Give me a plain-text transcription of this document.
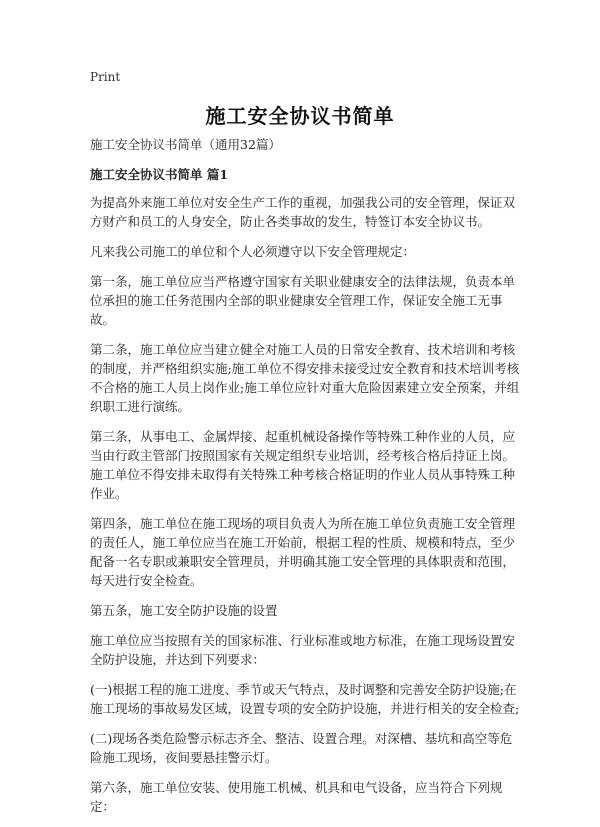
Print
施工安全协议书简单

施工安全协议书简单（通用32篇）

施工安全协议书简单 篇1

为提高外来施工单位对安全生产工作的重视，加强我公司的安全管理，保证双方财产和员工的人身安全，防止各类事故的发生，特签订本安全协议书。

凡来我公司施工的单位和个人必须遵守以下安全管理规定：

第一条，施工单位应当严格遵守国家有关职业健康安全的法律法规，负责本单位承担的施工任务范围内全部的职业健康安全管理工作，保证安全施工无事故。

第二条，施工单位应当建立健全对施工人员的日常安全教育、技术培训和考核的制度，并严格组织实施;施工单位不得安排未接受过安全教育和技术培训考核不合格的施工人员上岗作业;施工单位应针对重大危险因素建立安全预案，并组织职工进行演练。

第三条，从事电工、金属焊接、起重机械设备操作等特殊工种作业的人员，应当由行政主管部门按照国家有关规定组织专业培训，经考核合格后持证上岗。施工单位不得安排未取得有关特殊工种考核合格证明的作业人员从事特殊工种作业。

第四条，施工单位在施工现场的项目负责人为所在施工单位负责施工安全管理的责任人，施工单位应当在施工开始前，根据工程的性质、规模和特点，至少配备一名专职或兼职安全管理员，并明确其施工安全管理的具体职责和范围，每天进行安全检查。

第五条，施工安全防护设施的设置

施工单位应当按照有关的国家标准、行业标准或地方标准，在施工现场设置安全防护设施，并达到下列要求：

(一)根据工程的施工进度、季节或天气特点，及时调整和完善安全防护设施;在施工现场的事故易发区域，设置专项的安全防护设施，并进行相关的安全检查;

(二)现场各类危险警示标志齐全、整洁、设置合理。对深槽、基坑和高空等危险施工现场，夜间要悬挂警示灯。

第六条，施工单位安装、使用施工机械、机具和电气设备，应当符合下列规定：
